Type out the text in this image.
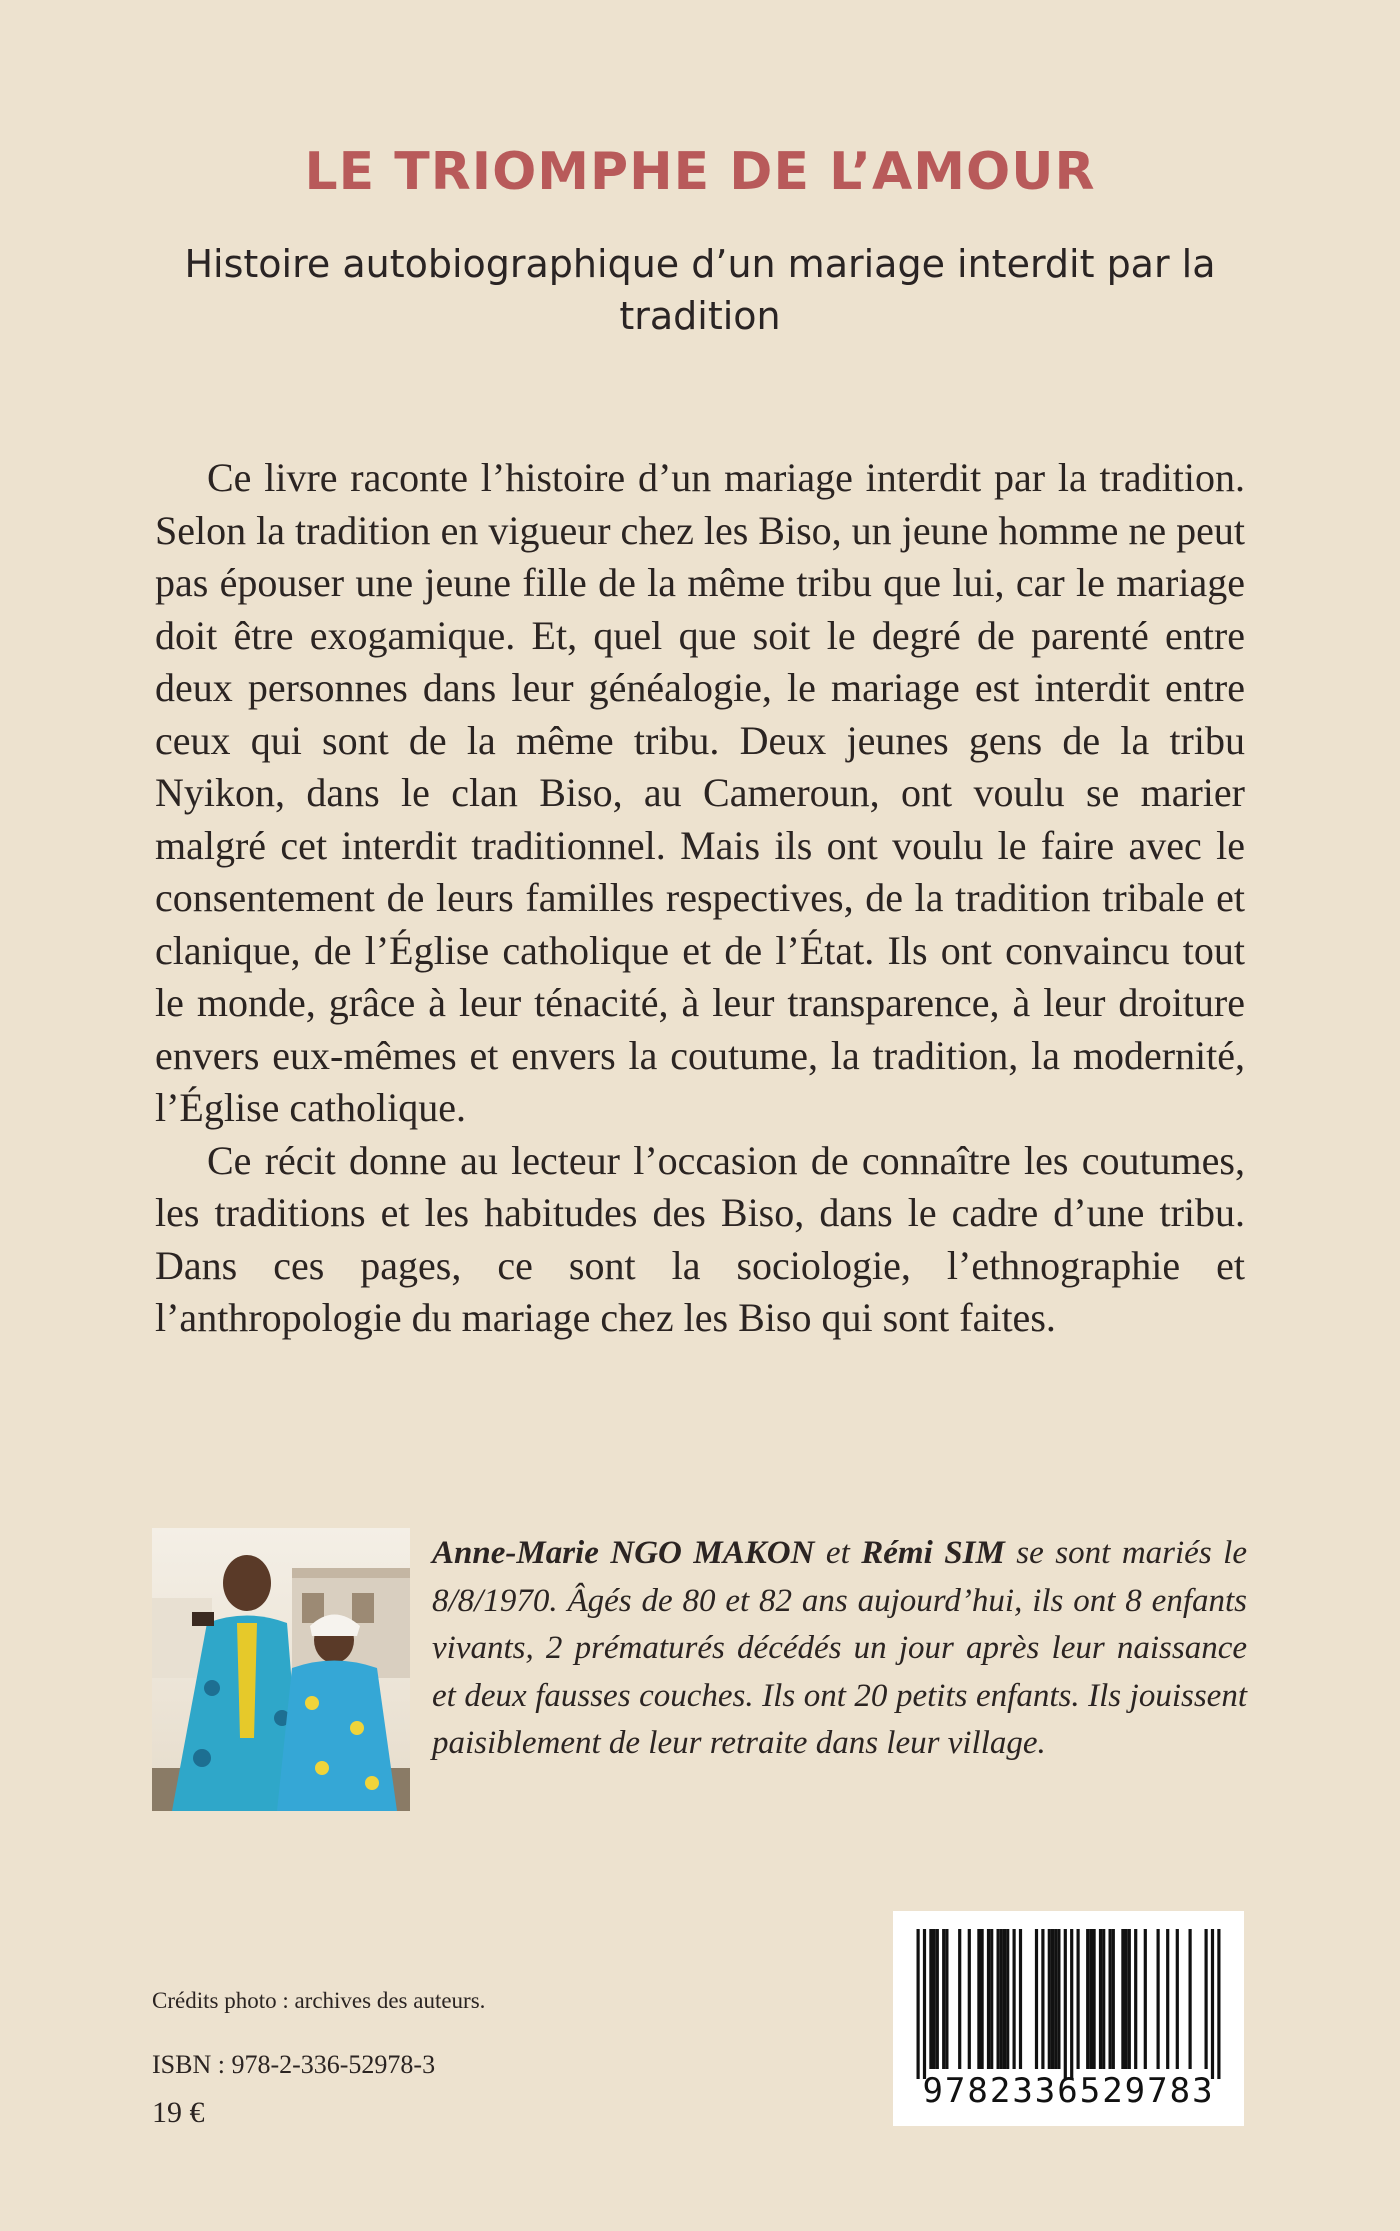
LE TRIOMPHE DE L’AMOUR
Histoire autobiographique d’un mariage interdit par la tradition

Ce livre raconte l’histoire d’un mariage interdit par la tradition. Selon la tradition en vigueur chez les Biso, un jeune homme ne peut pas épouser une jeune fille de la même tribu que lui, car le mariage doit être exogamique. Et, quel que soit le degré de parenté entre deux personnes dans leur généalogie, le mariage est interdit entre ceux qui sont de la même tribu. Deux jeunes gens de la tribu Nyikon, dans le clan Biso, au Cameroun, ont voulu se marier malgré cet interdit traditionnel. Mais ils ont voulu le faire avec le consentement de leurs familles respectives, de la tradition tribale et clanique, de l’Église catholique et de l’État. Ils ont convaincu tout le monde, grâce à leur ténacité, à leur transparence, à leur droiture envers eux-mêmes et envers la coutume, la tradition, la modernité, l’Église catholique.

Ce récit donne au lecteur l’occasion de connaître les coutumes, les traditions et les habitudes des Biso, dans le cadre d’une tribu. Dans ces pages, ce sont la sociologie, l’ethnographie et l’anthropologie du mariage chez les Biso qui sont faites.

Anne-Marie NGO MAKON et Rémi SIM se sont mariés le 8/8/1970. Âgés de 80 et 82 ans aujourd’hui, ils ont 8 enfants vivants, 2 prématurés décédés un jour après leur naissance et deux fausses couches. Ils ont 20 petits enfants. Ils jouissent paisiblement de leur retraite dans leur village.
Crédits photo : archives des auteurs.
ISBN : 978-2-336-52978-3
19 €
9782336529783
